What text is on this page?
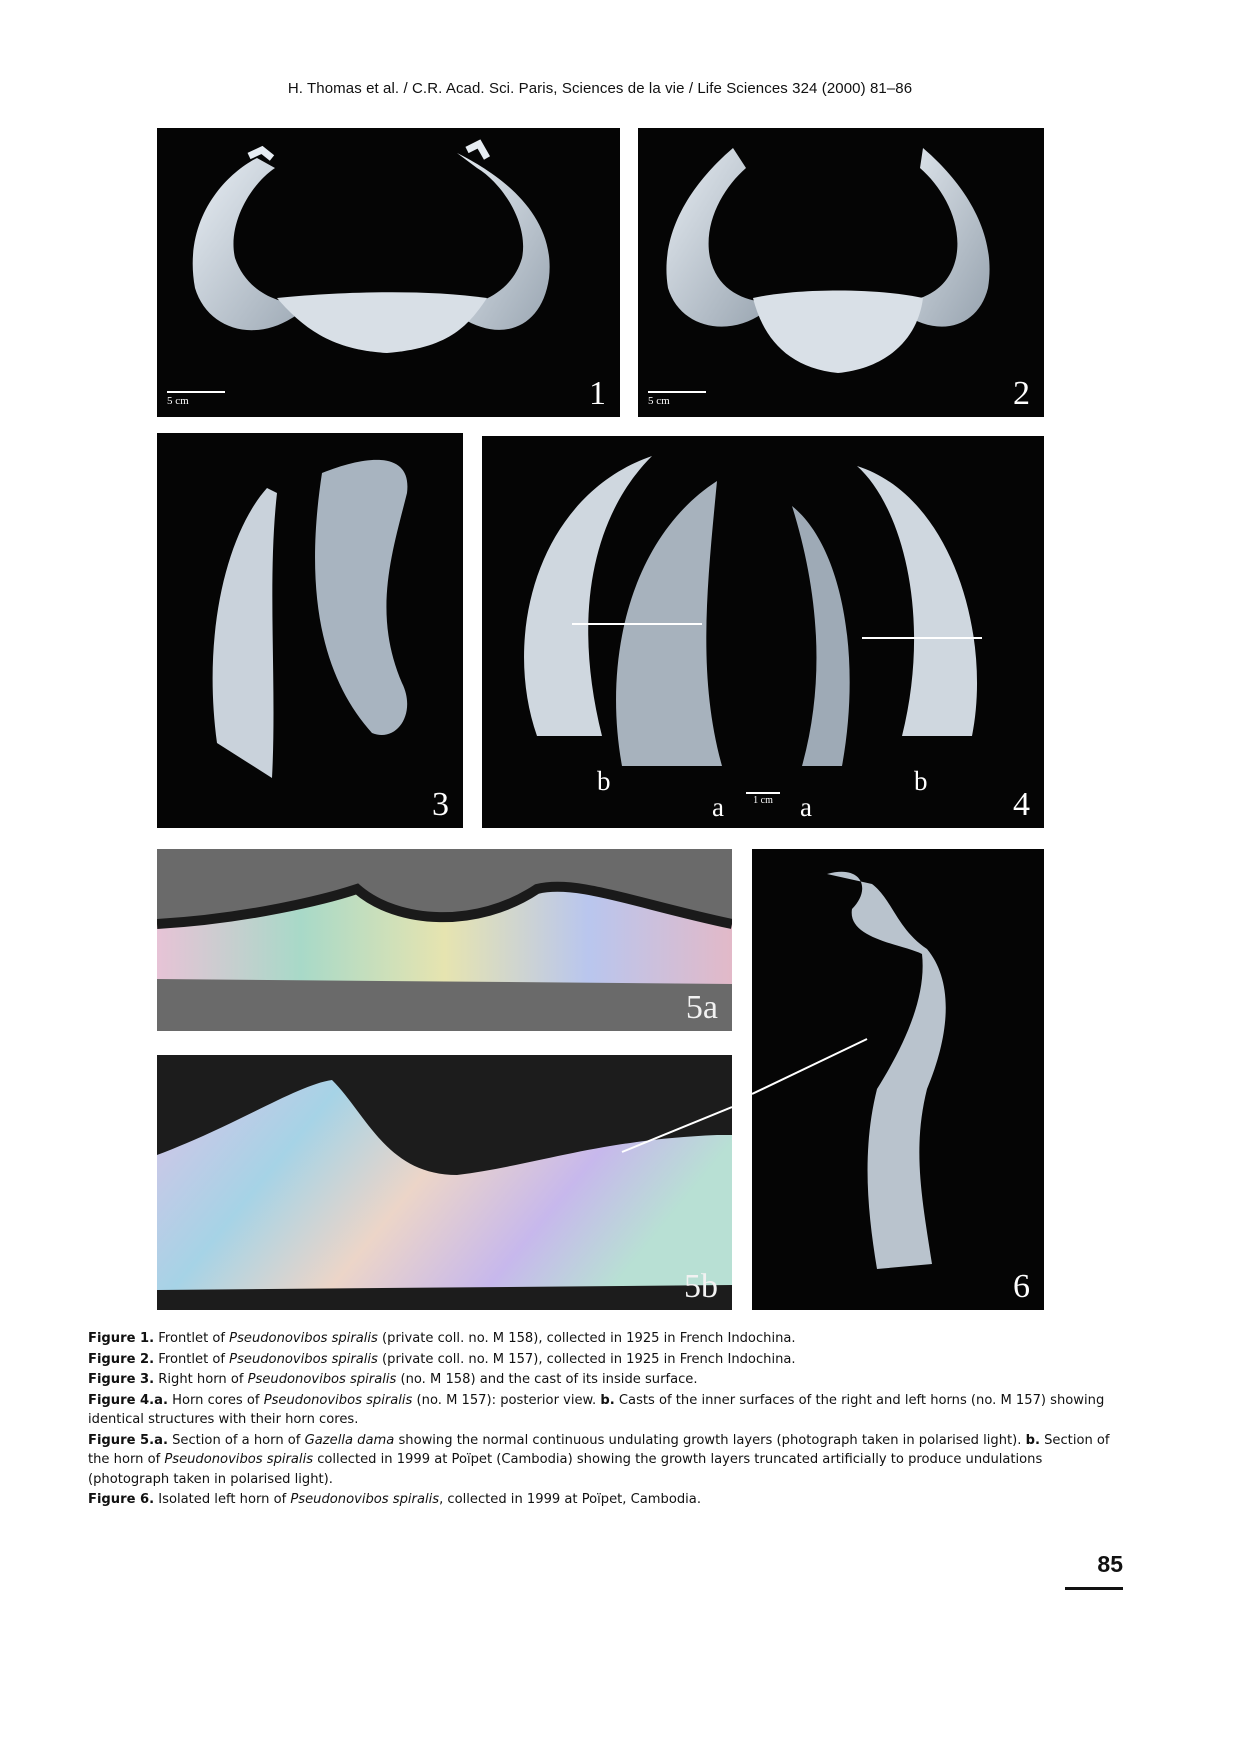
H. Thomas et al. / C.R. Acad. Sci. Paris, Sciences de la vie / Life Sciences 324 (2000) 81–86
5 cm	1	5 cm	2
3
b
a	a
b
1 cm	4
5a
5b	6

Figure 1. Frontlet of Pseudonovibos spiralis (private coll. no. M 158), collected in 1925 in French Indochina.

Figure 2. Frontlet of Pseudonovibos spiralis (private coll. no. M 157), collected in 1925 in French Indochina.

Figure 3. Right horn of Pseudonovibos spiralis (no. M 158) and the cast of its inside surface.

Figure 4.a. Horn cores of Pseudonovibos spiralis (no. M 157): posterior view. b. Casts of the inner surfaces of the right and left horns (no. M 157) showing identical structures with their horn cores.

Figure 5.a. Section of a horn of Gazella dama showing the normal continuous undulating growth layers (photograph taken in polarised light). b. Section of the horn of Pseudonovibos spiralis collected in 1999 at Poïpet (Cambodia) showing the growth layers truncated artificially to produce undulations (photograph taken in polarised light).

Figure 6. Isolated left horn of Pseudonovibos spiralis, collected in 1999 at Poïpet, Cambodia.

85
